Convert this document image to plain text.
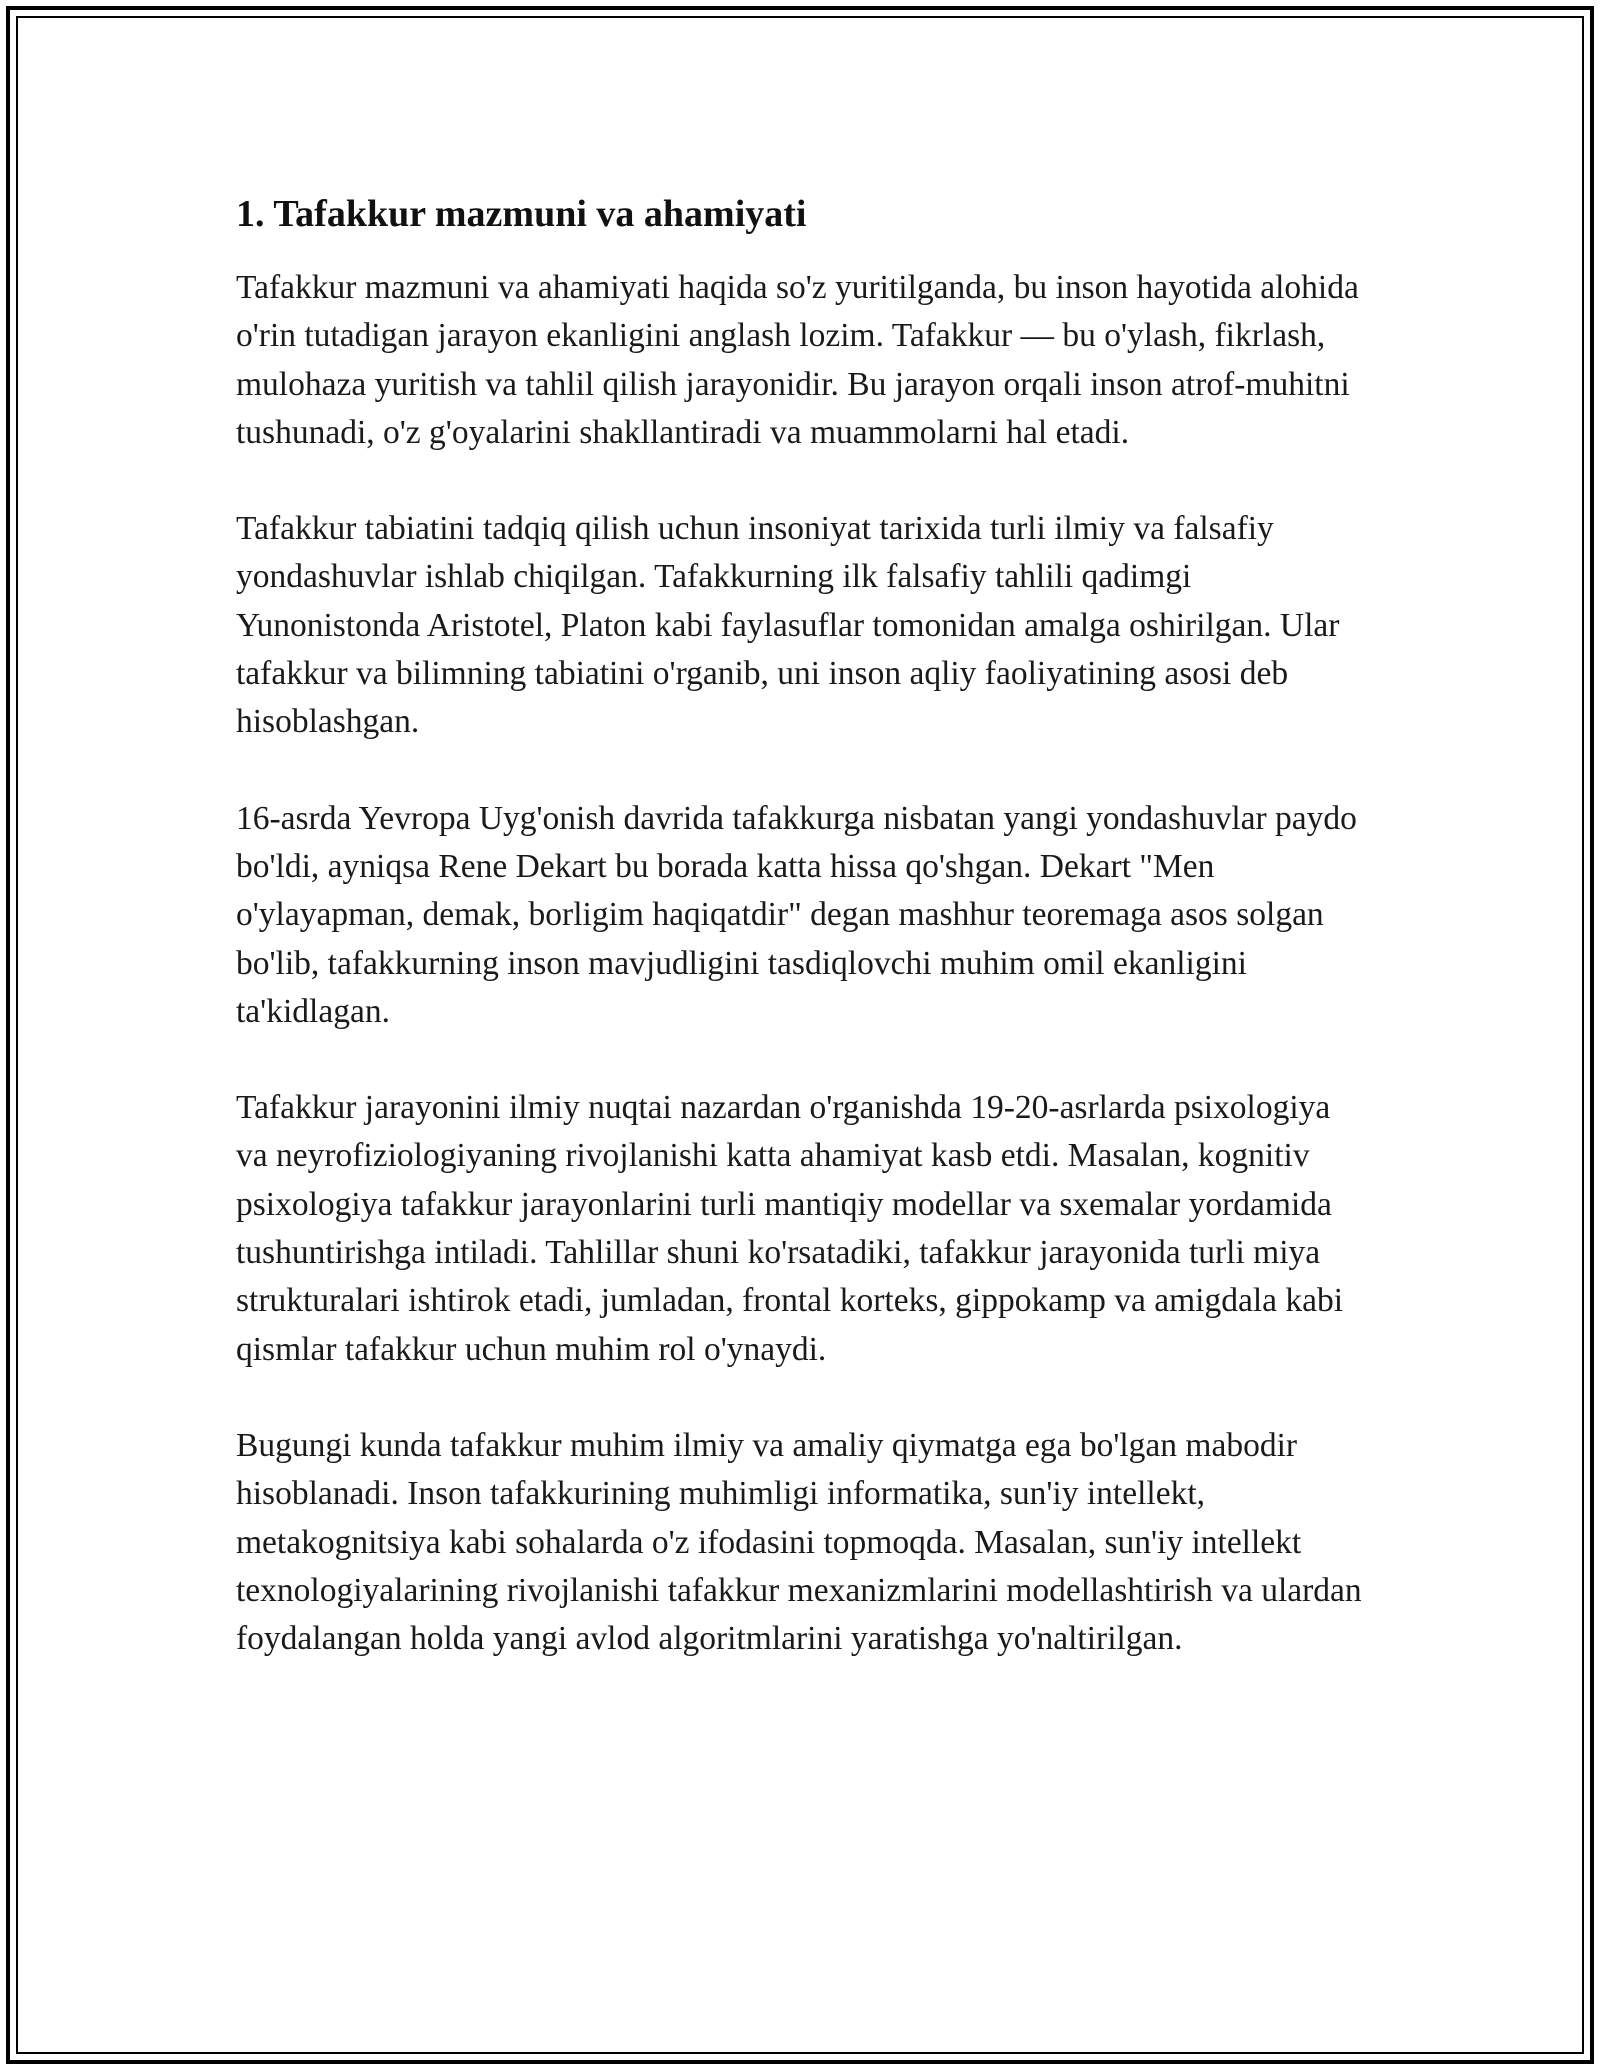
1. Tafakkur mazmuni va ahamiyati

Tafakkur mazmuni va ahamiyati haqida so'z yuritilganda, bu inson hayotida alohida o'rin tutadigan jarayon ekanligini anglash lozim. Tafakkur — bu o'ylash, fikrlash, mulohaza yuritish va tahlil qilish jarayonidir. Bu jarayon orqali inson atrof-muhitni tushunadi, o'z g'oyalarini shakllantiradi va muammolarni hal etadi.

Tafakkur tabiatini tadqiq qilish uchun insoniyat tarixida turli ilmiy va falsafiy yondashuvlar ishlab chiqilgan. Tafakkurning ilk falsafiy tahlili qadimgi Yunonistonda Aristotel, Platon kabi faylasuflar tomonidan amalga oshirilgan. Ular tafakkur va bilimning tabiatini o'rganib, uni inson aqliy faoliyatining asosi deb hisoblashgan.

16-asrda Yevropa Uyg'onish davrida tafakkurga nisbatan yangi yondashuvlar paydo bo'ldi, ayniqsa Rene Dekart bu borada katta hissa qo'shgan. Dekart "Men o'ylayapman, demak, borligim haqiqatdir" degan mashhur teoremaga asos solgan bo'lib, tafakkurning inson mavjudligini tasdiqlovchi muhim omil ekanligini ta'kidlagan.

Tafakkur jarayonini ilmiy nuqtai nazardan o'rganishda 19-20-asrlarda psixologiya va neyrofiziologiyaning rivojlanishi katta ahamiyat kasb etdi. Masalan, kognitiv psixologiya tafakkur jarayonlarini turli mantiqiy modellar va sxemalar yordamida tushuntirishga intiladi. Tahlillar shuni ko'rsatadiki, tafakkur jarayonida turli miya strukturalari ishtirok etadi, jumladan, frontal korteks, gippokamp va amigdala kabi qismlar tafakkur uchun muhim rol o'ynaydi.

Bugungi kunda tafakkur muhim ilmiy va amaliy qiymatga ega bo'lgan mabodir hisoblanadi. Inson tafakkurining muhimligi informatika, sun'iy intellekt, metakognitsiya kabi sohalarda o'z ifodasini topmoqda. Masalan, sun'iy intellekt texnologiyalarining rivojlanishi tafakkur mexanizmlarini modellashtirish va ulardan foydalangan holda yangi avlod algoritmlarini yaratishga yo'naltirilgan.
